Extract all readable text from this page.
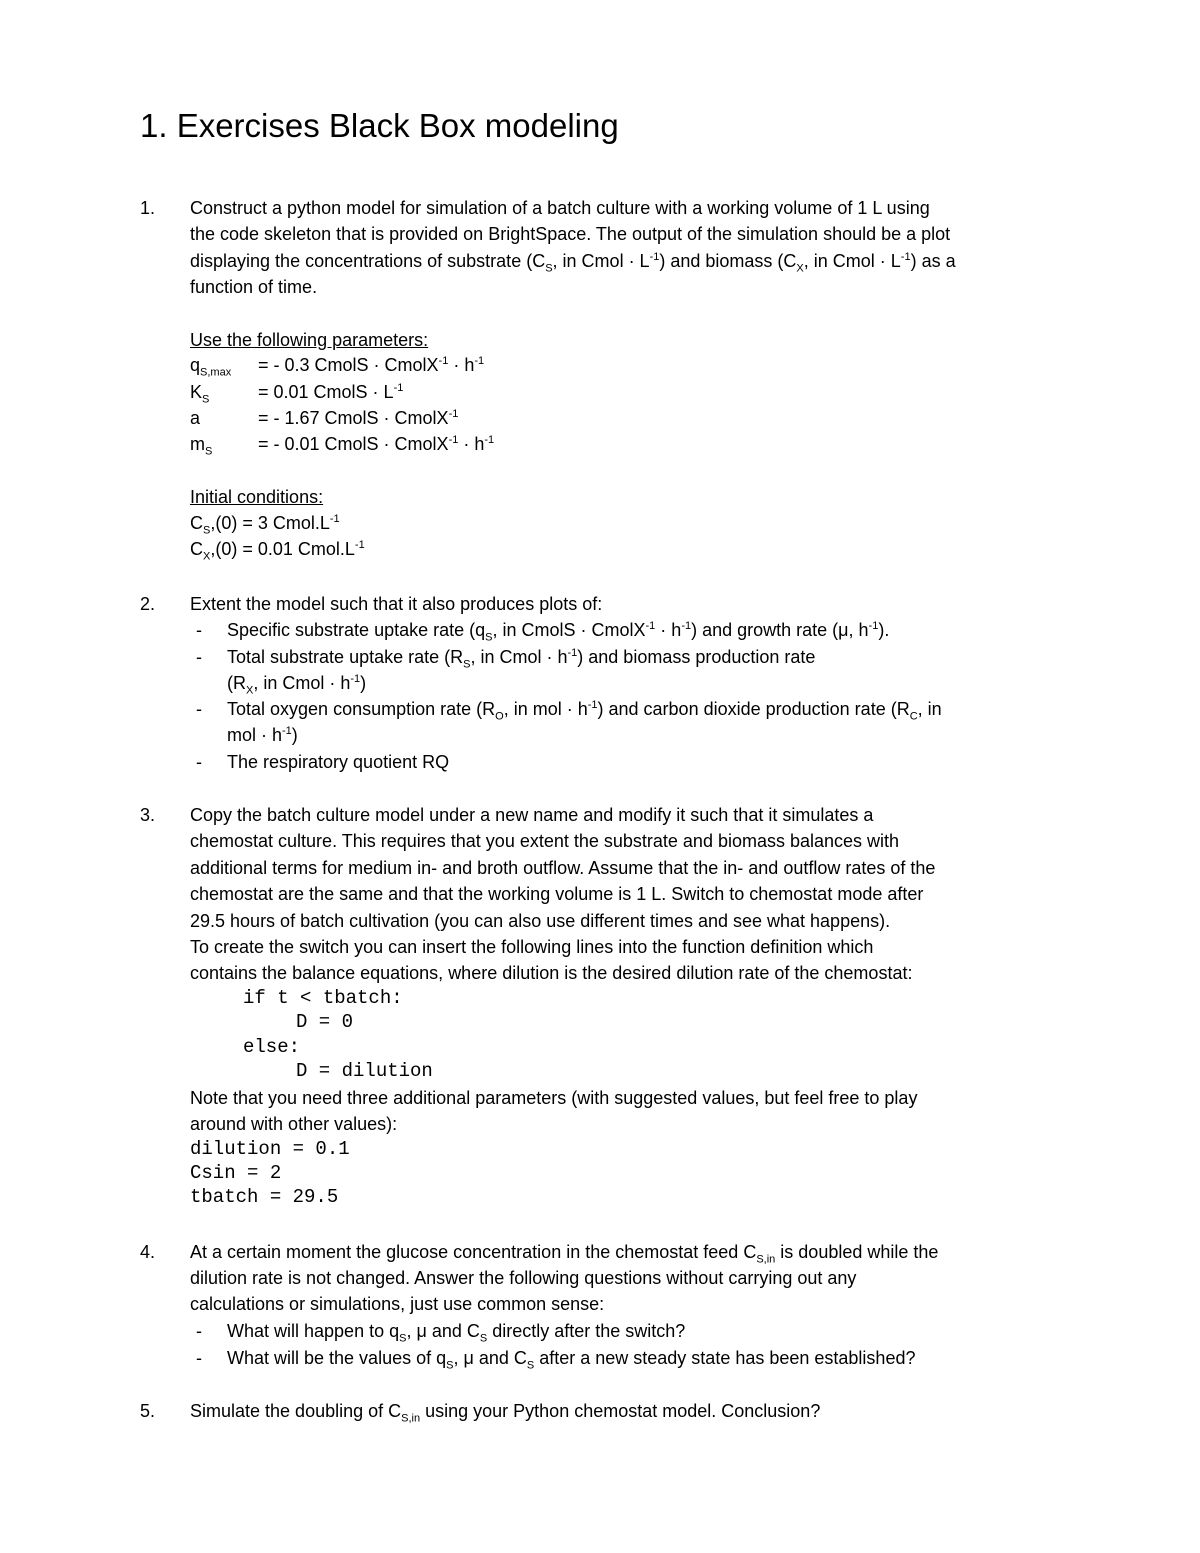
1. Exercises Black Box modeling
1. Construct a python model for simulation of a batch culture with a working volume of 1 L using
the code skeleton that is provided on BrightSpace. The output of the simulation should be a plot
displaying the concentrations of substrate ($C_S$, in Cmol · $L^{-1}$) and biomass ($C_X$, in Cmol · $L^{-1}$) as a
function of time.
Use the following parameters:
$q_{S,max}$ = - 0.3 CmolS · CmolX$^{-1}$ · $h^{-1}$
$K_S$	= 0.01 CmolS · $L^{-1}$
a	= - 1.67 CmolS · CmolX$^{-1}$
$m_S$	= - 0.01 CmolS · CmolX$^{-1}$ · $h^{-1}$
Initial conditions:
$C_S,(0) = 3$ $Cmol.L^{-1}$
$C_X,(0) = 0.01$ $Cmol.L^{-1}$
2. Extent the model such that it also produces plots of:
- Specific substrate uptake rate ($q_S$, in CmolS · CmolX$^{-1}$ · $h^{-1}$) and growth rate (μ, $h^{-1}$).
- Total substrate uptake rate ($R_S$, in Cmol · $h^{-1}$) and biomass production rate
($R_X$, in Cmol · $h^{-1}$)
- Total oxygen consumption rate ($R_O$, in mol · $h^{-1}$) and carbon dioxide production rate ($R_C$, in
mol · $h^{-1}$)
- The respiratory quotient RQ
3. Copy the batch culture model under a new name and modify it such that it simulates a
chemostat culture. This requires that you extent the substrate and biomass balances with
additional terms for medium in- and broth outflow. Assume that the in- and outflow rates of the
chemostat are the same and that the working volume is 1 L. Switch to chemostat mode after
29.5 hours of batch cultivation (you can also use different times and see what happens).
To create the switch you can insert the following lines into the function definition which
contains the balance equations, where dilution is the desired dilution rate of the chemostat:
if t < tbatch:
D = 0
else:
D = dilution
Note that you need three additional parameters (with suggested values, but feel free to play
around with other values):
dilution = 0.1
Csin = 2
tbatch = 29.5
4. At a certain moment the glucose concentration in the chemostat feed $C_{S,in}$ is doubled while the
dilution rate is not changed. Answer the following questions without carrying out any
calculations or simulations, just use common sense:
- What will happen to $q_S$, μ and $C_S$ directly after the switch?
- What will be the values of $q_S$, μ and $C_S$ after a new steady state has been established?
5. Simulate the doubling of $C_{S,in}$ using your Python chemostat model. Conclusion?
